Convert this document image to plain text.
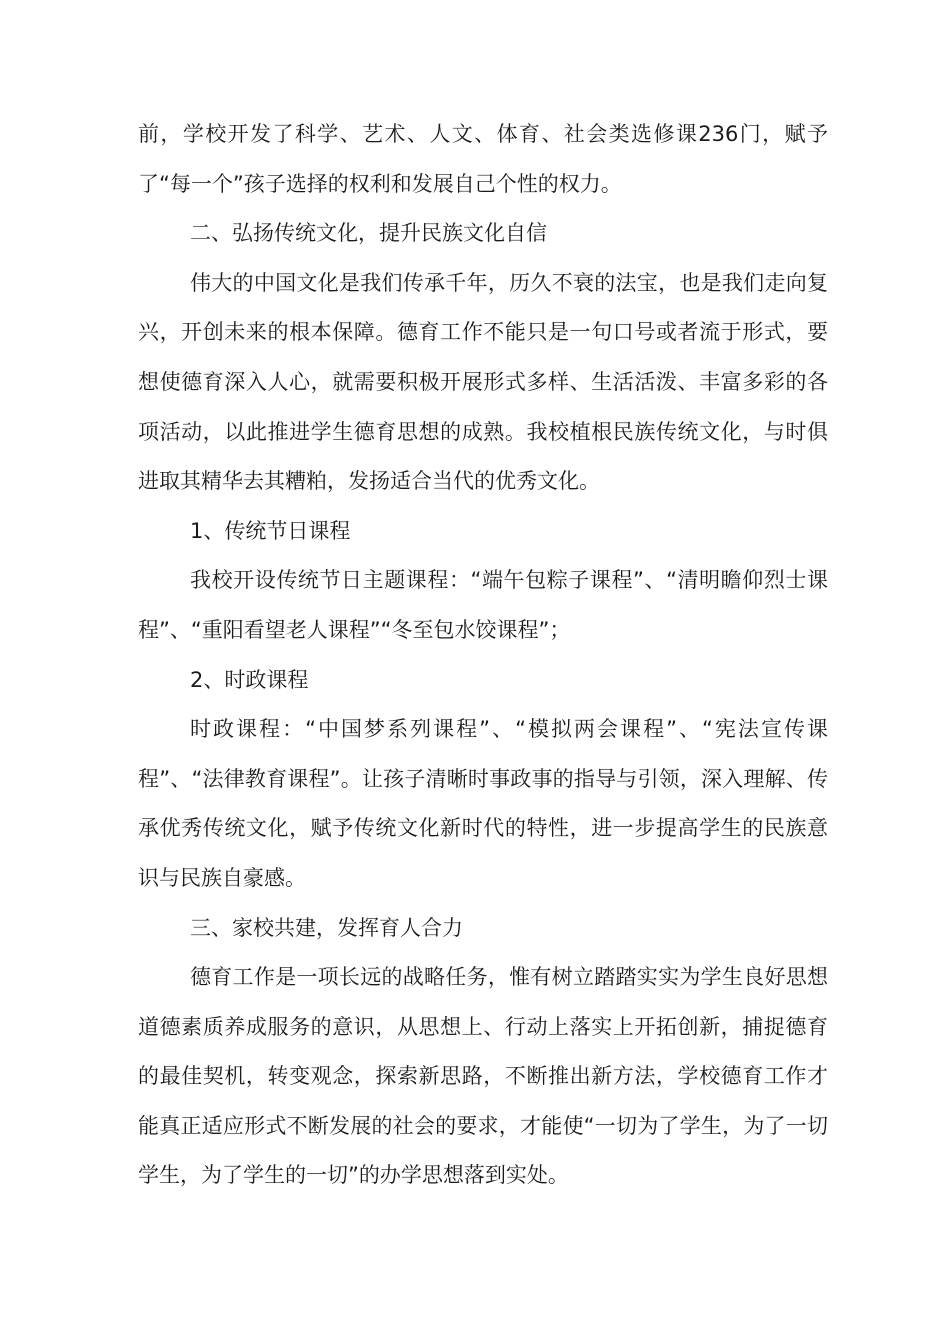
前，学校开发了科学、艺术、人文、体育、社会类选修课236门，赋予了“每一个”孩子选择的权利和发展自己个性的权力。

二、弘扬传统文化，提升民族文化自信

伟大的中国文化是我们传承千年，历久不衰的法宝，也是我们走向复兴，开创未来的根本保障。德育工作不能只是一句口号或者流于形式，要想使德育深入人心，就需要积极开展形式多样、生活活泼、丰富多彩的各项活动，以此推进学生德育思想的成熟。我校植根民族传统文化，与时俱进取其精华去其糟粕，发扬适合当代的优秀文化。

1、传统节日课程

我校开设传统节日主题课程：“端午包粽子课程”、“清明瞻仰烈士课程”、“重阳看望老人课程”“冬至包水饺课程”；

2、时政课程

时政课程：“中国梦系列课程”、“模拟两会课程”、“宪法宣传课程”、“法律教育课程”。让孩子清晰时事政事的指导与引领，深入理解、传承优秀传统文化，赋予传统文化新时代的特性，进一步提高学生的民族意识与民族自豪感。

三、家校共建，发挥育人合力

德育工作是一项长远的战略任务，惟有树立踏踏实实为学生良好思想道德素质养成服务的意识，从思想上、行动上落实上开拓创新，捕捉德育的最佳契机，转变观念，探索新思路，不断推出新方法，学校德育工作才能真正适应形式不断发展的社会的要求，才能使“一切为了学生，为了一切学生，为了学生的一切”的办学思想落到实处。
